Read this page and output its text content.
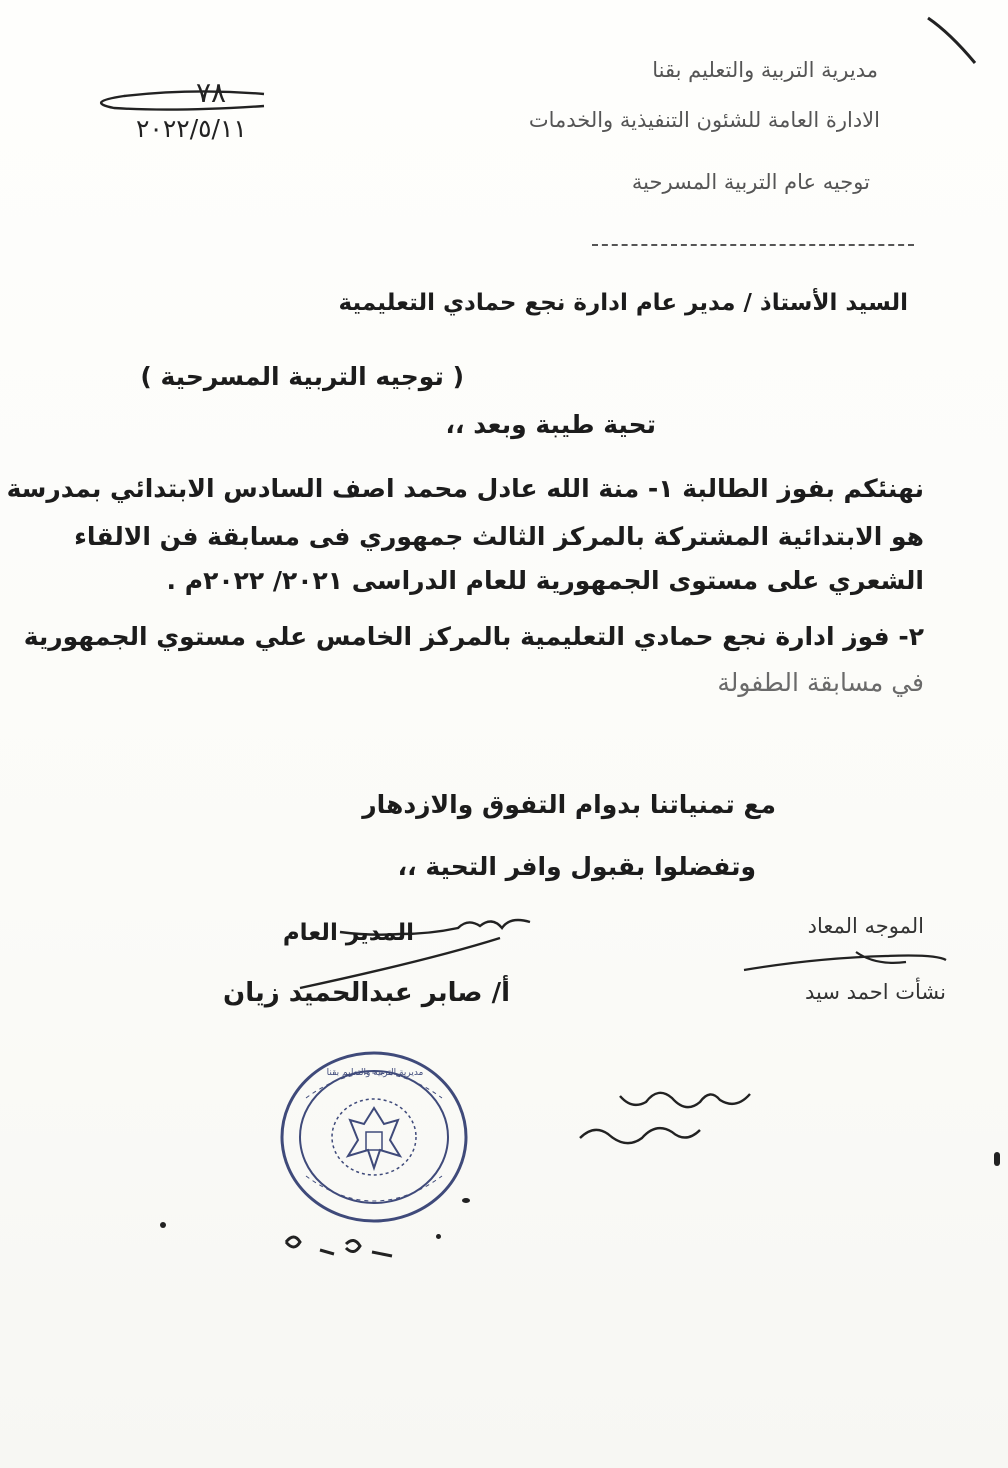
٧٨
٢٠٢٢/٥/١١
مديرية التربية والتعليم بقنا
الادارة العامة للشئون التنفيذية والخدمات
توجيه عام التربية المسرحية
السيد الأستاذ / مدير عام ادارة نجع حمادي التعليمية
( توجيه التربية المسرحية )
تحية طيبة وبعد ،،
نهنئكم بفوز الطالبة ١- منة الله عادل محمد اصف السادس الابتدائي بمدرسة
هو الابتدائية المشتركة بالمركز الثالث جمهوري فى مسابقة فن الالقاء
الشعري على مستوى الجمهورية للعام الدراسى ٢٠٢١/ ٢٠٢٢م .
٢- فوز ادارة نجع حمادي التعليمية بالمركز الخامس علي مستوي الجمهورية
في مسابقة الطفولة
مع تمنياتنا بدوام التفوق والازدهار
وتفضلوا بقبول وافر التحية ،،
الموجه المعاد
نشأت احمد سيد
المدير العام
أ/ صابر عبدالحميد زيان
مديرية التربية والتعليم بقنا
